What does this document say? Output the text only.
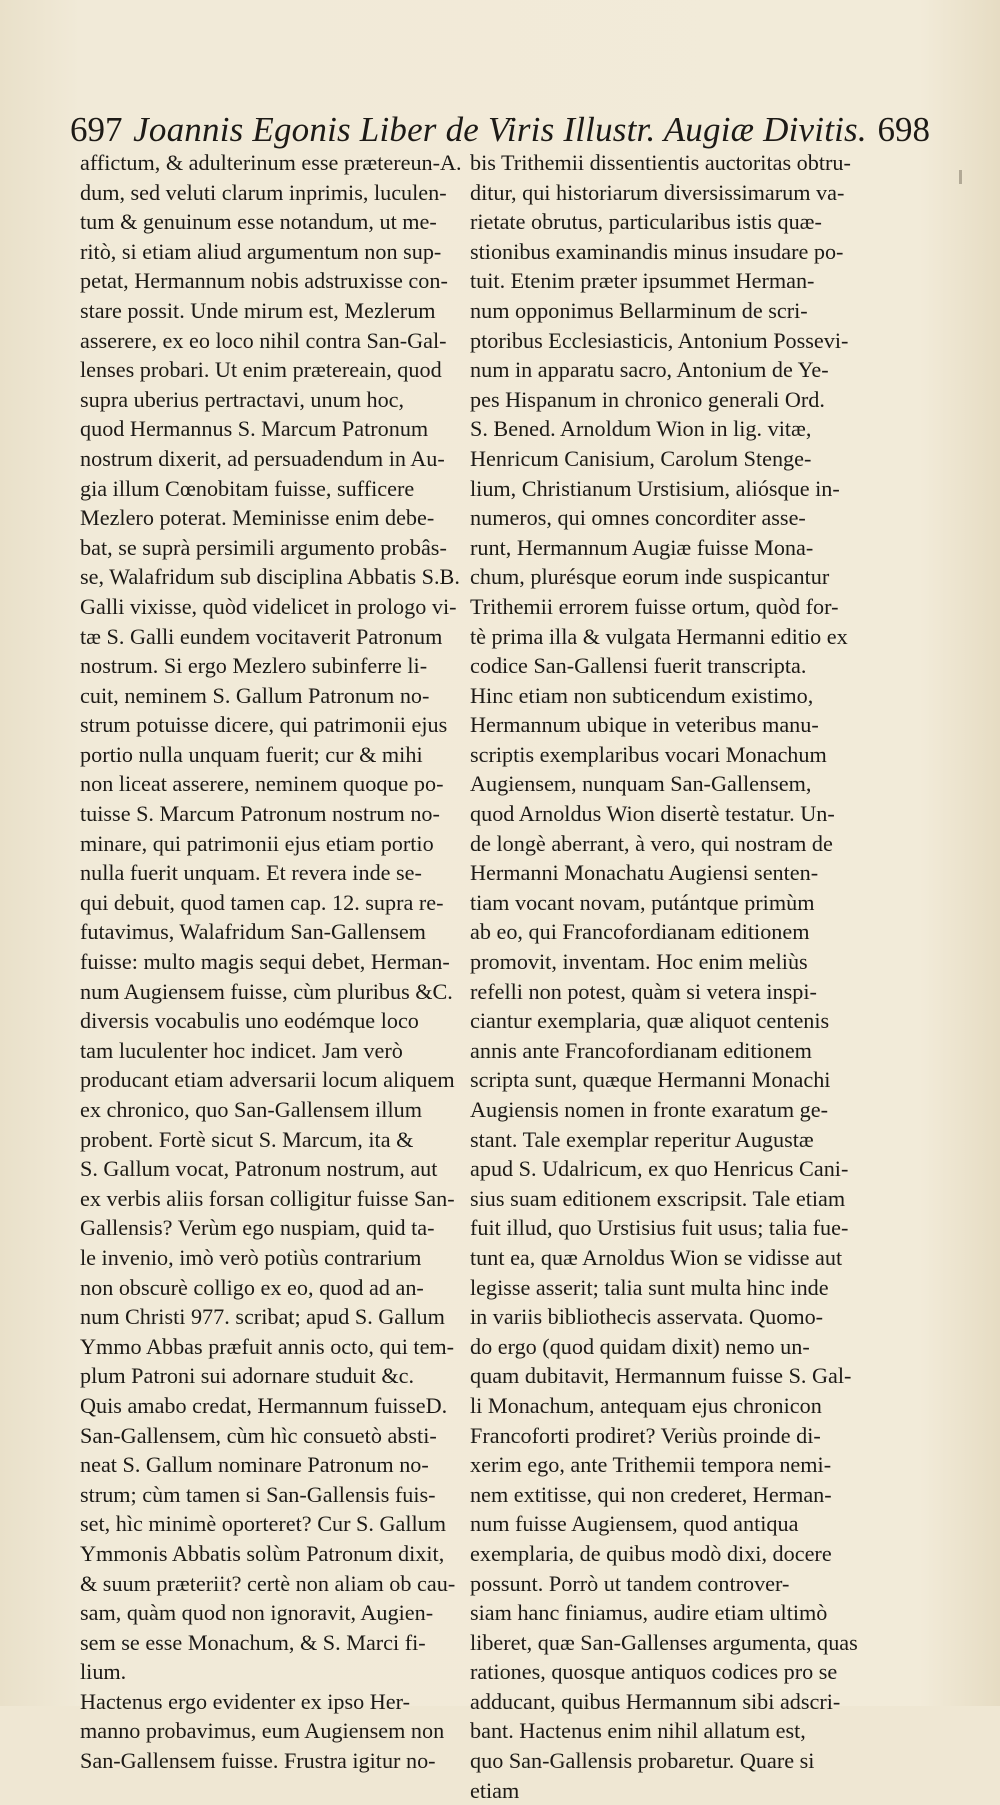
697 Joannis Egonis Liber de Viris Illustr. Augiæ Divitis. 698
affictum, & adulterinum esse prætereun-A.
dum, sed veluti clarum inprimis, luculen-
tum & genuinum esse notandum, ut me-
ritò, si etiam aliud argumentum non sup-
petat, Hermannum nobis adstruxisse con-
stare possit. Unde mirum est, Mezlerum
asserere, ex eo loco nihil contra San-Gal-
lenses probari. Ut enim prætereain, quod
supra uberius pertractavi, unum hoc,
quod Hermannus S. Marcum Patronum
nostrum dixerit, ad persuadendum in Au-
gia illum Cœnobitam fuisse, sufficere
Mezlero poterat. Meminisse enim debe-
bat, se suprà persimili argumento probâs-
se, Walafridum sub disciplina Abbatis S.B.
Galli vixisse, quòd videlicet in prologo vi-
tæ S. Galli eundem vocitaverit Patronum
nostrum. Si ergo Mezlero subinferre li-
cuit, neminem S. Gallum Patronum no-
strum potuisse dicere, qui patrimonii ejus
portio nulla unquam fuerit; cur & mihi
non liceat asserere, neminem quoque po-
tuisse S. Marcum Patronum nostrum no-
minare, qui patrimonii ejus etiam portio
nulla fuerit unquam. Et revera inde se-
qui debuit, quod tamen cap. 12. supra re-
futavimus, Walafridum San-Gallensem
fuisse: multo magis sequi debet, Herman-
num Augiensem fuisse, cùm pluribus &C.
diversis vocabulis uno eodémque loco
tam luculenter hoc indicet. Jam verò
producant etiam adversarii locum aliquem
ex chronico, quo San-Gallensem illum
probent. Fortè sicut S. Marcum, ita &
S. Gallum vocat, Patronum nostrum, aut
ex verbis aliis forsan colligitur fuisse San-
Gallensis? Verùm ego nuspiam, quid ta-
le invenio, imò verò potiùs contrarium
non obscurè colligo ex eo, quod ad an-
num Christi 977. scribat; apud S. Gallum
Ymmo Abbas præfuit annis octo, qui tem-
plum Patroni sui adornare studuit &c.
Quis amabo credat, Hermannum fuisseD.
San-Gallensem, cùm hìc consuetò absti-
neat S. Gallum nominare Patronum no-
strum; cùm tamen si San-Gallensis fuis-
set, hìc minimè oporteret? Cur S. Gallum
Ymmonis Abbatis solùm Patronum dixit,
& suum præteriit? certè non aliam ob cau-
sam, quàm quod non ignoravit, Augien-
sem se esse Monachum, & S. Marci fi-
lium.
Hactenus ergo evidenter ex ipso Her-
manno probavimus, eum Augiensem non
San-Gallensem fuisse. Frustra igitur no-
bis Trithemii dissentientis auctoritas obtru-
ditur, qui historiarum diversissimarum va-
rietate obrutus, particularibus istis quæ-
stionibus examinandis minus insudare po-
tuit. Etenim præter ipsummet Herman-
num opponimus Bellarminum de scri-
ptoribus Ecclesiasticis, Antonium Possevi-
num in apparatu sacro, Antonium de Ye-
pes Hispanum in chronico generali Ord.
S. Bened. Arnoldum Wion in lig. vitæ,
Henricum Canisium, Carolum Stenge-
lium, Christianum Urstisium, aliósque in-
numeros, qui omnes concorditer asse-
runt, Hermannum Augiæ fuisse Mona-
chum, plurésque eorum inde suspicantur
Trithemii errorem fuisse ortum, quòd for-
tè prima illa & vulgata Hermanni editio ex
codice San-Gallensi fuerit transcripta.
Hinc etiam non subticendum existimo,
Hermannum ubique in veteribus manu-
scriptis exemplaribus vocari Monachum
Augiensem, nunquam San-Gallensem,
quod Arnoldus Wion disertè testatur. Un-
de longè aberrant, à vero, qui nostram de
Hermanni Monachatu Augiensi senten-
tiam vocant novam, putántque primùm
ab eo, qui Francofordianam editionem
promovit, inventam. Hoc enim meliùs
refelli non potest, quàm si vetera inspi-
ciantur exemplaria, quæ aliquot centenis
annis ante Francofordianam editionem
scripta sunt, quæque Hermanni Monachi
Augiensis nomen in fronte exaratum ge-
stant. Tale exemplar reperitur Augustæ
apud S. Udalricum, ex quo Henricus Cani-
sius suam editionem exscripsit. Tale etiam
fuit illud, quo Urstisius fuit usus; talia fue-
tunt ea, quæ Arnoldus Wion se vidisse aut
legisse asserit; talia sunt multa hinc inde
in variis bibliothecis asservata. Quomo-
do ergo (quod quidam dixit) nemo un-
quam dubitavit, Hermannum fuisse S. Gal-
li Monachum, antequam ejus chronicon
Francoforti prodiret? Veriùs proinde di-
xerim ego, ante Trithemii tempora nemi-
nem extitisse, qui non crederet, Herman-
num fuisse Augiensem, quod antiqua
exemplaria, de quibus modò dixi, docere
possunt. Porrò ut tandem controver-
siam hanc finiamus, audire etiam ultimò
liberet, quæ San-Gallenses argumenta, quas
rationes, quosque antiquos codices pro se
adducant, quibus Hermannum sibi adscri-
bant. Hactenus enim nihil allatum est,
quo San-Gallensis probaretur. Quare si
etiam
